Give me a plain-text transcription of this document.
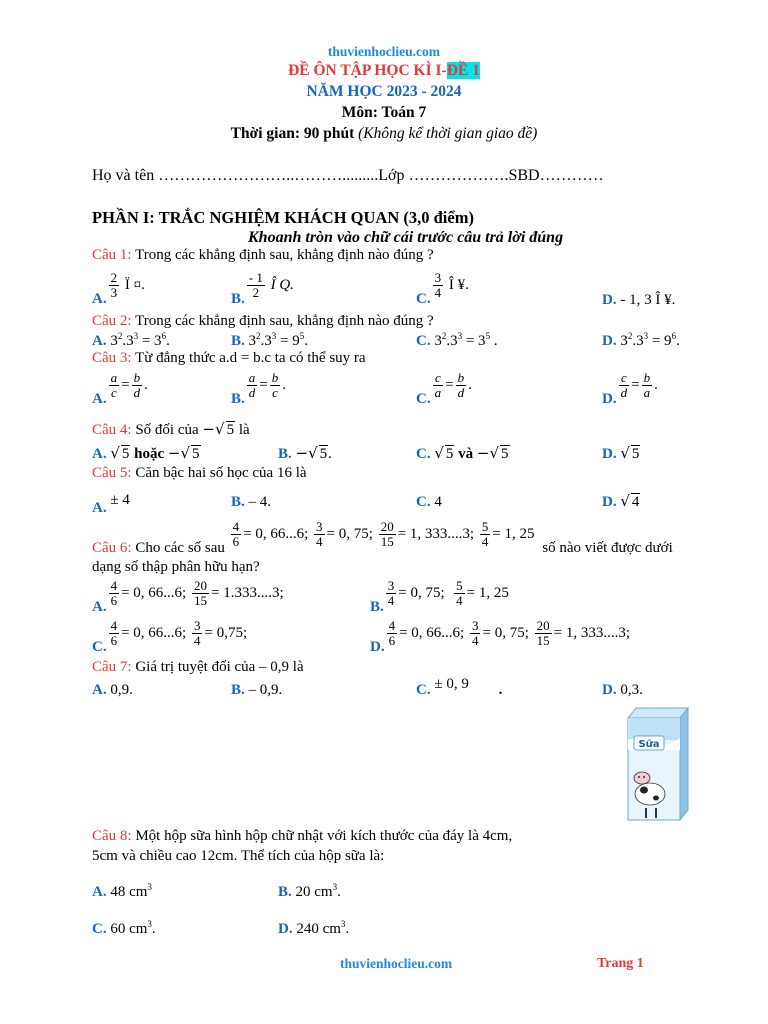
thuvienhoclieu.com
ĐỀ ÔN TẬP HỌC KÌ I-ĐỀ 1
NĂM HỌC 2023 - 2024
Môn: Toán 7
Thời gian: 90 phút (Không kể thời gian giao đề)
Họ và tên ……………………..……….........Lớp ……………….SBD…………
PHẦN I: TRẮC NGHIỆM KHÁCH QUAN (3,0 điểm)
Khoanh tròn vào chữ cái trước câu trả lời đúng
Câu 1: Trong các khẳng định sau, khẳng định nào đúng ?
A. $\frac{2}{3}$ Ï ¤.
B. $\frac{- 1}{2}$ Î Q.
C. $\frac{3}{4}$ Î ¥.
D. - 1, 3 Î ¥.
Câu 2: Trong các khẳng định sau, khẳng định nào đúng ?
A. $3^2.3^3 = 3^6$.	B. $3^2.3^3 = 9^5$.	C. $3^2.3^3 = 3^5$ .	D. $3^2.3^3 = 9^6$.
Câu 3: Từ đẳng thức a.d = b.c ta có thể suy ra
A. $\frac{a}{c} = \frac{b}{d}$ .
B. $\frac{a}{d} = \frac{b}{c}$ .
C. $\frac{c}{a} = \frac{b}{d}$ .
D. $\frac{c}{d} = \frac{b}{a}$ .
Câu 4: Số đối của −√ 5 là
A. √ 5 hoặc −√ 5	B. −√ 5.	C. √ 5 và −√ 5	D. √ 5
Câu 5: Căn bậc hai số học của 16 là
A. ± 4	B. – 4.	C. 4	D. √ 4
Câu 6: Cho các số sau $\frac{4}{6} = 0$, 66...6; $\frac{3}{4} = 0$, 75; $\frac{20}{15} = 1$, 333....3; $\frac{5}{4} = 1$, 25 số nào viết được dưới
dạng số thập phân hữu hạn?
A. $\frac{4}{6} = 0$, 66...6; $\frac{20}{15} = 1.333....3$;
B. $\frac{3}{4} = 0$, 75; $\frac{5}{4} = 1$, 25
C. $\frac{4}{6} = 0$, 66...6; $\frac{3}{4} = 0,75$;
D. $\frac{4}{6} = 0$, 66...6; $\frac{3}{4} = 0$, 75; $\frac{20}{15} = 1$, 333....3;
Câu 7: Giá trị tuyệt đối của – 0,9 là
A. 0,9.	B. – 0,9.	C. ± 0, 9 .	D. 0,3.
Sữa
Câu 8: Một hộp sữa hình hộp chữ nhật với kích thước của đáy là 4cm,
5cm và chiều cao 12cm. Thể tích của hộp sữa là:
A. 48 $cm^3$	B. 20 $cm^3$.
C. 60 $cm^3$.	D. 240 $cm^3$.
thuvienhoclieu.com	Trang 1
